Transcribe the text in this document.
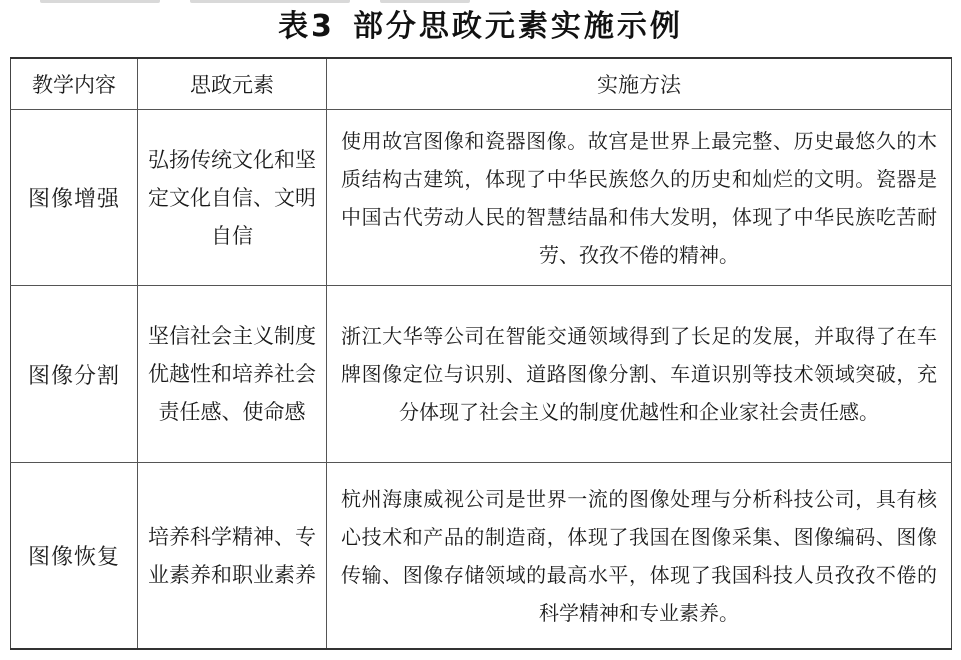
表3 部分思政元素实施示例
教学内容	思政元素	实施方法
图像增强	弘扬传统文化和坚定文化自信、文明自信	使用故宫图像和瓷器图像。故宫是世界上最完整、历史最悠久的木质结构古建筑，体现了中华民族悠久的历史和灿烂的文明。瓷器是中国古代劳动人民的智慧结晶和伟大发明，体现了中华民族吃苦耐劳、孜孜不倦的精神。

图像分割	坚信社会主义制度优越性和培养社会责任感、使命感	浙江大华等公司在智能交通领域得到了长足的发展，并取得了在车牌图像定位与识别、道路图像分割、车道识别等技术领域突破，充分体现了社会主义的制度优越性和企业家社会责任感。

图像恢复	培养科学精神、专业素养和职业素养	杭州海康威视公司是世界一流的图像处理与分析科技公司，具有核心技术和产品的制造商，体现了我国在图像采集、图像编码、图像传输、图像存储领域的最高水平，体现了我国科技人员孜孜不倦的科学精神和专业素养。
